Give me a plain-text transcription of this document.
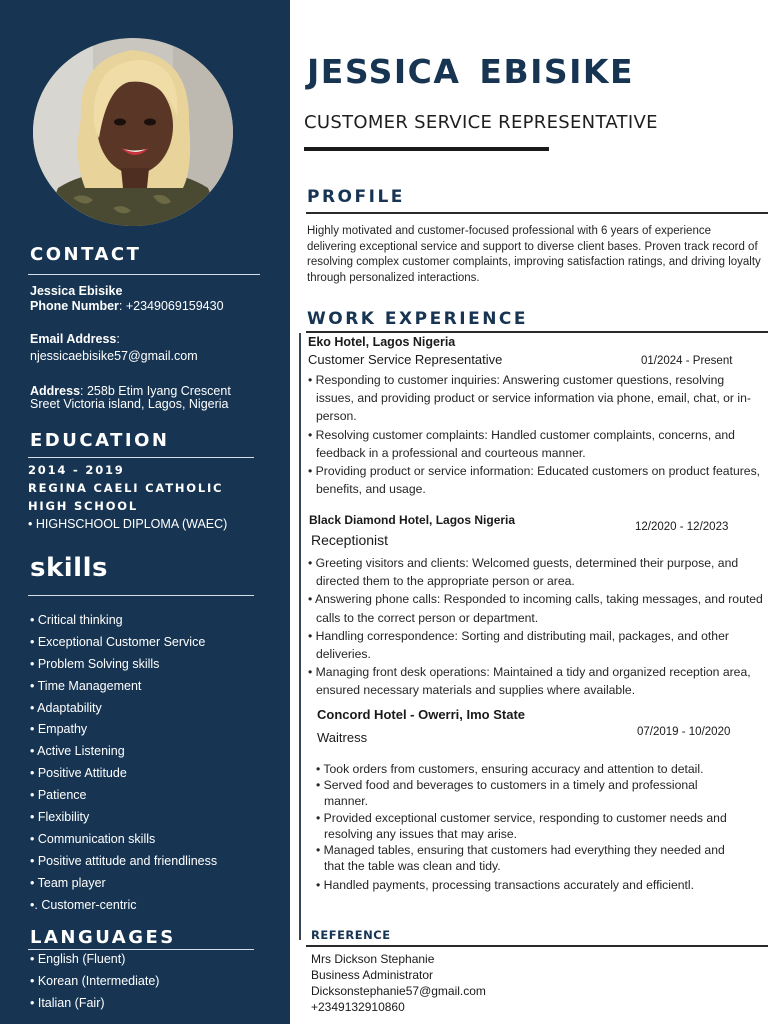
CONTACT
Jessica Ebisike
Phone Number: +2349069159430
Email Address:
njessicaebisike57@gmail.com
Address: 258b Etim Iyang Crescent
Sreet Victoria island, Lagos, Nigeria
EDUCATION
2014 - 2019
REGINA CAELI CATHOLIC HIGH SCHOOL
• HIGHSCHOOL DIPLOMA (WAEC)
skills
• Critical thinking
• Exceptional Customer Service
• Problem Solving skills
• Time Management
• Adaptability
• Empathy
• Active Listening
• Positive Attitude
• Patience
• Flexibility
• Communication skills
• Positive attitude and friendliness
• Team player
•. Customer-centric
LANGUAGES
• English (Fluent)
• Korean (Intermediate)
• Italian (Fair)
JESSICA EBISIKE
CUSTOMER SERVICE REPRESENTATIVE
PROFILE
Highly motivated and customer-focused professional with 6 years of experience delivering exceptional service and support to diverse client bases. Proven track record of resolving complex customer complaints, improving satisfaction ratings, and driving loyalty through personalized interactions.
WORK EXPERIENCE
Eko Hotel, Lagos Nigeria
Customer Service Representative	01/2024 - Present
• Responding to customer inquiries: Answering customer questions, resolving issues, and providing product or service information via phone, email, chat, or in-person.
• Resolving customer complaints: Handled customer complaints, concerns, and feedback in a professional and courteous manner.
• Providing product or service information: Educated customers on product features, benefits, and usage.
Black Diamond Hotel, Lagos Nigeria
Receptionist
12/2020 - 12/2023
• Greeting visitors and clients: Welcomed guests, determined their purpose, and directed them to the appropriate person or area.
• Answering phone calls: Responded to incoming calls, taking messages, and routed calls to the correct person or department.
• Handling correspondence: Sorting and distributing mail, packages, and other deliveries.
• Managing front desk operations: Maintained a tidy and organized reception area, ensured necessary materials and supplies where available.
Concord Hotel - Owerri, Imo State
Waitress	07/2019 - 10/2020
• Took orders from customers, ensuring accuracy and attention to detail.
• Served food and beverages to customers in a timely and professional manner.
• Provided exceptional customer service, responding to customer needs and resolving any issues that may arise.
• Managed tables, ensuring that customers had everything they needed and that the table was clean and tidy.
• Handled payments, processing transactions accurately and efficientl.
REFERENCE
Mrs Dickson Stephanie
Business Administrator
Dicksonstephanie57@gmail.com
+2349132910860
